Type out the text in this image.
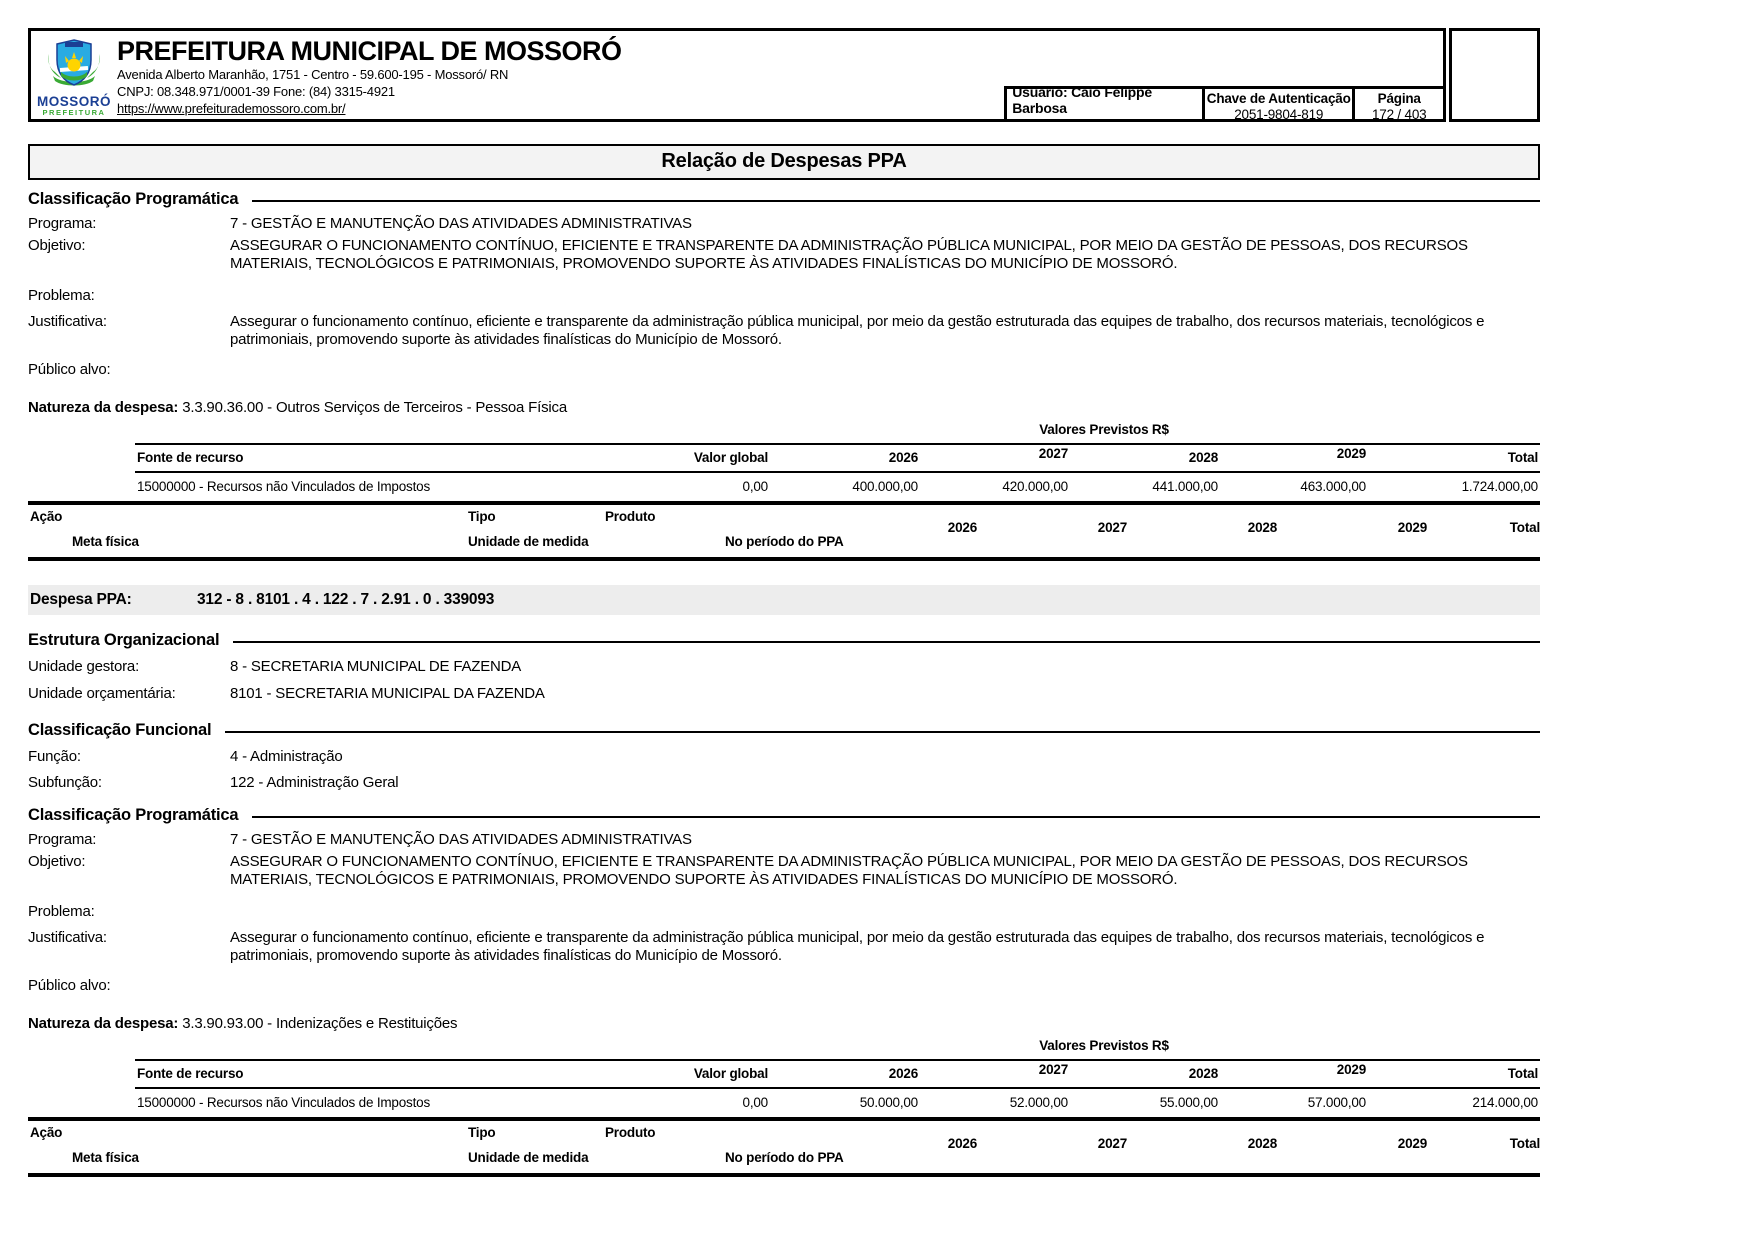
MOSSORÓ
PREFEITURA
PREFEITURA MUNICIPAL DE MOSSORÓ
Avenida Alberto Maranhão, 1751 - Centro - 59.600-195 - Mossoró/ RN
CNPJ: 08.348.971/0001-39 Fone: (84) 3315-4921
https://www.prefeiturademossoro.com.br/
Usuário: Caio Felippe Barbosa
Chave de Autenticação
2051-9804-819
Página
172 / 403
Relação de Despesas PPA
Classificação Programática
Programa:	7 - GESTÃO E MANUTENÇÃO DAS ATIVIDADES ADMINISTRATIVAS
Objetivo:	ASSEGURAR O FUNCIONAMENTO CONTÍNUO, EFICIENTE E TRANSPARENTE DA ADMINISTRAÇÃO PÚBLICA MUNICIPAL, POR MEIO DA GESTÃO DE PESSOAS, DOS RECURSOS MATERIAIS, TECNOLÓGICOS E PATRIMONIAIS, PROMOVENDO SUPORTE ÀS ATIVIDADES FINALÍSTICAS DO MUNICÍPIO DE MOSSORÓ.
Problema:
Justificativa:	Assegurar o funcionamento contínuo, eficiente e transparente da administração pública municipal, por meio da gestão estruturada das equipes de trabalho, dos recursos materiais, tecnológicos e patrimoniais, promovendo suporte às atividades finalísticas do Município de Mossoró.
Público alvo:
Natureza da despesa: 3.3.90.36.00 - Outros Serviços de Terceiros - Pessoa Física
Valores Previstos R$
Fonte de recurso	Valor global	2026	2027	2028	2029	Total
15000000 - Recursos não Vinculados de Impostos	0,00	400.000,00	420.000,00	441.000,00	463.000,00	1.724.000,00
Ação	Tipo	Produto
2026	2027	2028	2029	Total
Meta física	Unidade de medida	No período do PPA
Despesa PPA:	312 - 8 . 8101 . 4 . 122 . 7 . 2.91 . 0 . 339093
Estrutura Organizacional
Unidade gestora:	8 - SECRETARIA MUNICIPAL DE FAZENDA
Unidade orçamentária:	8101 - SECRETARIA MUNICIPAL DA FAZENDA
Classificação Funcional
Função:	4 - Administração
Subfunção:	122 - Administração Geral
Classificação Programática
Programa:	7 - GESTÃO E MANUTENÇÃO DAS ATIVIDADES ADMINISTRATIVAS
Objetivo:	ASSEGURAR O FUNCIONAMENTO CONTÍNUO, EFICIENTE E TRANSPARENTE DA ADMINISTRAÇÃO PÚBLICA MUNICIPAL, POR MEIO DA GESTÃO DE PESSOAS, DOS RECURSOS MATERIAIS, TECNOLÓGICOS E PATRIMONIAIS, PROMOVENDO SUPORTE ÀS ATIVIDADES FINALÍSTICAS DO MUNICÍPIO DE MOSSORÓ.
Problema:
Justificativa:	Assegurar o funcionamento contínuo, eficiente e transparente da administração pública municipal, por meio da gestão estruturada das equipes de trabalho, dos recursos materiais, tecnológicos e patrimoniais, promovendo suporte às atividades finalísticas do Município de Mossoró.
Público alvo:
Natureza da despesa: 3.3.90.93.00 - Indenizações e Restituições
Valores Previstos R$
Fonte de recurso	Valor global	2026	2027	2028	2029	Total
15000000 - Recursos não Vinculados de Impostos	0,00	50.000,00	52.000,00	55.000,00	57.000,00	214.000,00
Ação	Tipo	Produto
2026	2027	2028	2029	Total
Meta física	Unidade de medida	No período do PPA
